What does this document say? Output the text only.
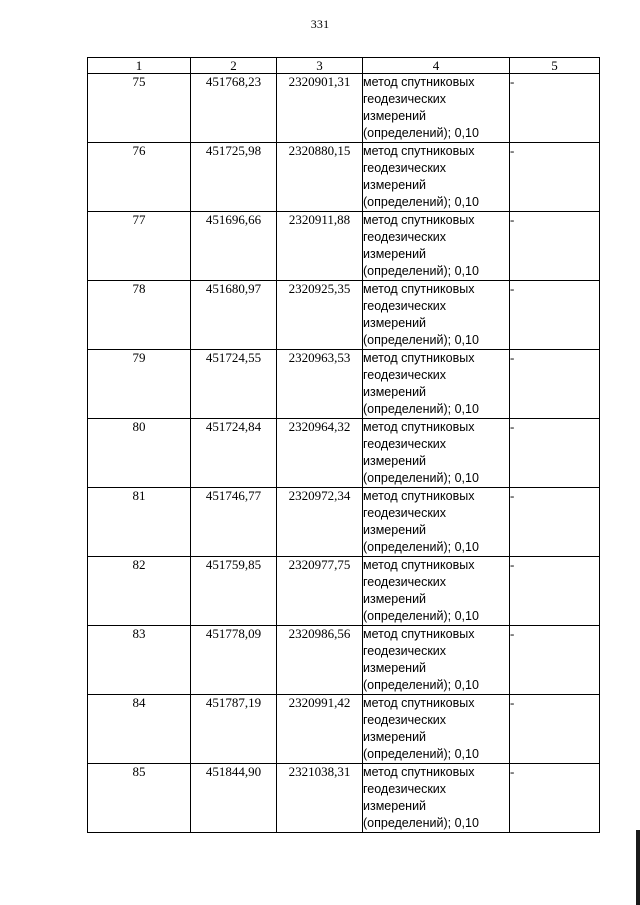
331
1	2	3	4	5
75	451768,23	2320901,31	метод спутниковых
геодезических
измерений
(определений); 0,10	-
76	451725,98	2320880,15	метод спутниковых
геодезических
измерений
(определений); 0,10	-
77	451696,66	2320911,88	метод спутниковых
геодезических
измерений
(определений); 0,10	-
78	451680,97	2320925,35	метод спутниковых
геодезических
измерений
(определений); 0,10	-
79	451724,55	2320963,53	метод спутниковых
геодезических
измерений
(определений); 0,10	-
80	451724,84	2320964,32	метод спутниковых
геодезических
измерений
(определений); 0,10	-
81	451746,77	2320972,34	метод спутниковых
геодезических
измерений
(определений); 0,10	-
82	451759,85	2320977,75	метод спутниковых
геодезических
измерений
(определений); 0,10	-
83	451778,09	2320986,56	метод спутниковых
геодезических
измерений
(определений); 0,10	-
84	451787,19	2320991,42	метод спутниковых
геодезических
измерений
(определений); 0,10	-
85	451844,90	2321038,31	метод спутниковых
геодезических
измерений
(определений); 0,10	-
